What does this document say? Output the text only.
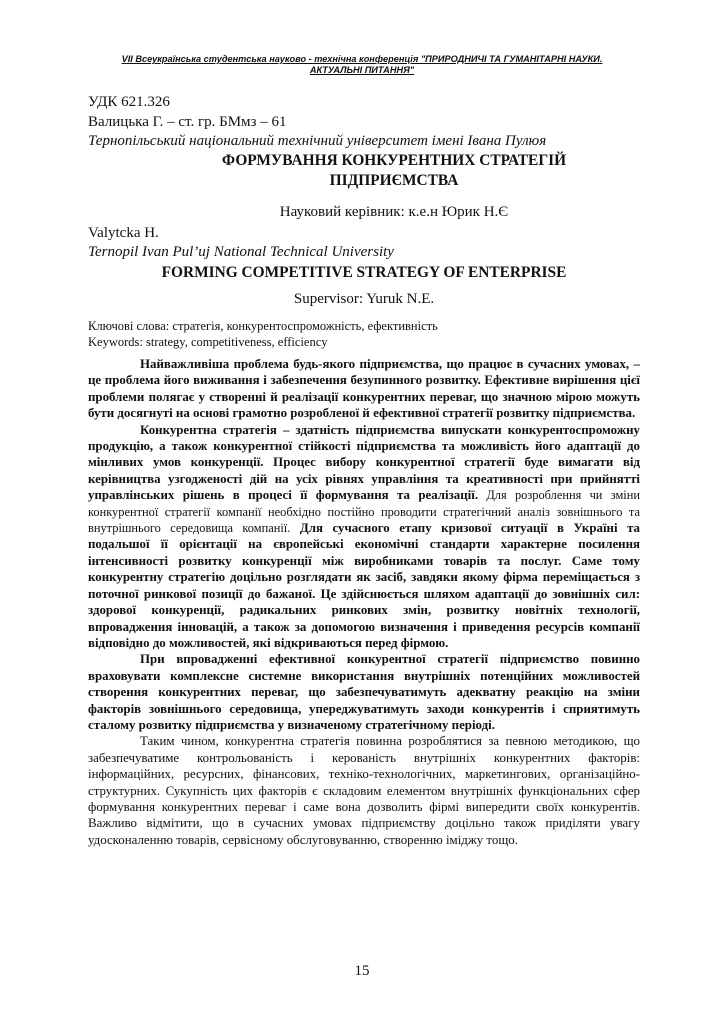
VII Всеукраїнська студентська науково - технічна конференція "ПРИРОДНИЧІ ТА ГУМАНІТАРНІ НАУКИ.
АКТУАЛЬНІ ПИТАННЯ"
УДК 621.326
Валицька Г. – ст. гр. БМмз – 61
Тернопільський національний технічний університет імені Івана Пулюя
ФОРМУВАННЯ КОНКУРЕНТНИХ СТРАТЕГІЙ
ПІДПРИЄМСТВА
Науковий керівник: к.е.н Юрик Н.Є
Valytcka H.
Ternopil Ivan Pul’uj National Technical University
FORMING COMPETITIVE STRATEGY OF ENTERPRISE
Supervisor: Yuruk N.E.
Ключові слова: стратегія, конкурентоспроможність, ефективність
Keywords: strategy, competitiveness, efficiency

Найважливіша проблема будь-якого підприємства, що працює в сучасних умовах, – це проблема його виживання і забезпечення безупинного розвитку. Ефективне вирішення цієї проблеми полягає у створенні й реалізації конкурентних переваг, що значною мірою можуть бути досягнуті на основі грамотно розробленої й ефективної стратегії розвитку підприємства.

Конкурентна стратегія – здатність підприємства випускати конкурентоспроможну продукцію, а також конкурентної стійкості підприємства та можливість його адаптації до мінливих умов конкуренції. Процес вибору конкурентної стратегії буде вимагати від керівництва узгодженості дій на усіх рівнях управління та креативності при прийнятті управлінських рішень в процесі її формування та реалізації. Для розроблення чи зміни конкурентної стратегії компанії необхідно постійно проводити стратегічний аналіз зовнішнього та внутрішнього середовища компанії. Для сучасного етапу кризової ситуації в Україні та подальшої її орієнтації на європейські економічні стандарти характерне посилення інтенсивності розвитку конкуренції між виробниками товарів та послуг. Саме тому конкурентну стратегію доцільно розглядати як засіб, завдяки якому фірма переміщається з поточної ринкової позиції до бажаної. Це здійснюється шляхом адаптації до зовнішніх сил: здорової конкуренції, радикальних ринкових змін, розвитку новітніх технології, впровадження інновацій, а також за допомогою визначення і приведення ресурсів компанії відповідно до можливостей, які відкриваються перед фірмою.

При впровадженні ефективної конкурентної стратегії підприємство повинно враховувати комплексне системне використання внутрішніх потенційних можливостей створення конкурентних переваг, що забезпечуватимуть адекватну реакцію на зміни факторів зовнішнього середовища, упереджуватимуть заходи конкурентів і сприятимуть сталому розвитку підприємства у визначеному стратегічному періоді.

Таким чином, конкурентна стратегія повинна розроблятися за певною методикою, що забезпечуватиме контрольованість і керованість внутрішніх конкурентних факторів: інформаційних, ресурсних, фінансових, техніко-технологічних, маркетингових, організаційно-структурних. Сукупність цих факторів є складовим елементом внутрішніх функціональних сфер формування конкурентних переваг і саме вона дозволить фірмі випередити своїх конкурентів. Важливо відмітити, що в сучасних умовах підприємству доцільно також приділяти увагу удосконаленню товарів, сервісному обслуговуванню, створенню іміджу тощо.

15
